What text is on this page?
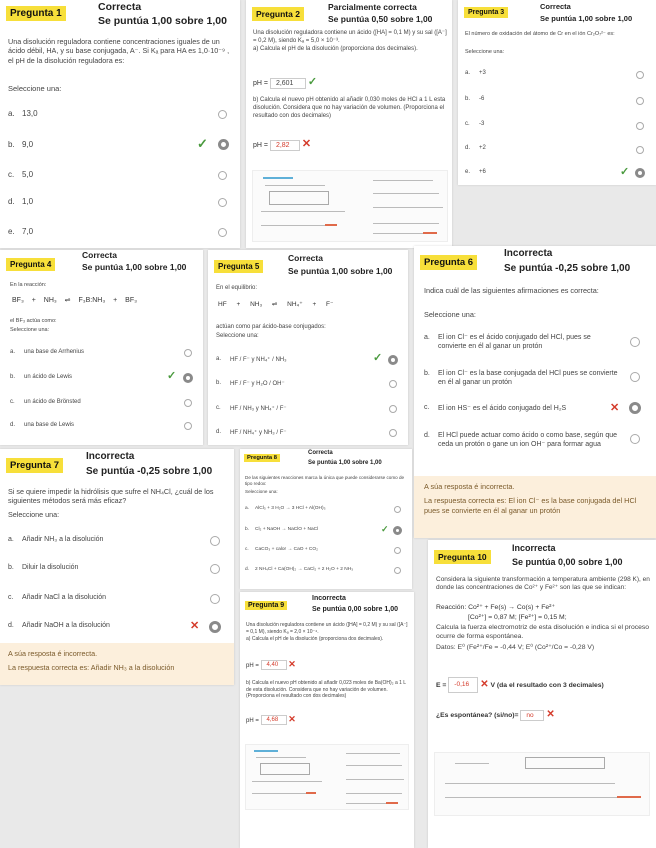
Pregunta 1
Correcta
Se puntúa 1,00 sobre 1,00
Una disolución reguladora contiene concentraciones iguales de un ácido débil, HA, y su base conjugada, A⁻. Si Kₐ para HA es 1,0·10⁻⁹ , el pH de la disolución reguladora es:
Seleccione una:
a. 13,0
b. 9,0	✓
c. 5,0
d. 1,0
e. 7,0
Pregunta 2
Parcialmente correcta
Se puntúa 0,50 sobre 1,00
Una disolución reguladora contiene un ácido ([HA] = 0,1 M) y su sal ([A⁻] = 0,2 M), siendo Kₐ = 5,0 × 10⁻³.
a) Calcula el pH de la disolución (proporciona dos decimales).
pH = 2,601 ✓
b) Calcula el nuevo pH obtenido al añadir 0,030 moles de HCl a 1 L esta disolución. Considera que no hay variación de volumen. (Proporciona el resultado con dos decimales)
pH = 2,82 ✕
Pregunta 3
Correcta
Se puntúa 1,00 sobre 1,00
El número de oxidación del átomo de Cr en el ión Cr₂O₇²⁻ es:
Seleccione una:
a.	+3
b.	-6
c.	-3
d.	+2
e.	+6	✓
Pregunta 4
Correcta
Se puntúa 1,00 sobre 1,00
En la reacción:
BF₃ + NH₃ ⇌ F₃B:NH₃ + BF₃
el BF₃ actúa como:
Seleccione una:
a.	una base de Arrhenius
b.	un ácido de Lewis	✓
c.	un ácido de Brönsted
d.	una base de Lewis
Pregunta 5
Correcta
Se puntúa 1,00 sobre 1,00
En el equilibrio:
HF + NH₃ ⇌ NH₄⁺ + F⁻
actúan como par ácido-base conjugados:
Seleccione una:
a.	HF / F⁻ y NH₄⁺ / NH₃	✓
b.	HF / F⁻ y H₂O / OH⁻
c.	HF / NH₃ y NH₄⁺ / F⁻
d.	HF / NH₄⁺ y NH₃ / F⁻
Pregunta 6
Incorrecta
Se puntúa -0,25 sobre 1,00
Indica cuál de las siguientes afirmaciones es correcta:
Seleccione una:
a.	El ion Cl⁻ es el ácido conjugado del HCl, pues se convierte en él al ganar un protón
b.	El ion Cl⁻ es la base conjugada del HCl pues se convierte en él al ganar un protón
c.	El ion HS⁻ es el ácido conjugado del H₂S	✕
d.	El HCl puede actuar como ácido o como base, según que ceda un protón o gane un ion OH⁻ para formar agua
A súa resposta é incorrecta.
La respuesta correcta es: El ion Cl⁻ es la base conjugada del HCl pues se convierte en él al ganar un protón
Pregunta 7
Incorrecta
Se puntúa -0,25 sobre 1,00
Si se quiere impedir la hidrólisis que sufre el NH₄Cl, ¿cuál de los siguientes métodos será más eficaz?
Seleccione una:
a.	Añadir NH₃ a la disolución
b.	Diluir la disolución
c.	Añadir NaCl a la disolución
d.	Añadir NaOH a la disolución	✕
A súa resposta é incorrecta.
La respuesta correcta es: Añadir NH₃ a la disolución
Pregunta 8
Correcta
Se puntúa 1,00 sobre 1,00
De las siguientes reacciones marca la única que puede considerarse como de tipo redox:
Seleccione una:
a.	AlCl₃ + 3 H₂O → 3 HCl + Al(OH)₃
b.	Cl₂ + NaOH → NaClO + NaCl	✓
c.	CaCO₃ + calor → CaO + CO₂
d.	2 NH₄Cl + Ca(OH)₂ → CaCl₂ + 2 H₂O + 2 NH₃
Pregunta 9
Incorrecta
Se puntúa 0,00 sobre 1,00
Una disolución reguladora contiene un ácido ([HA] = 0,2 M) y su sal ([A⁻] = 0,1 M), siendo Kₐ = 2,0 × 10⁻⁴.
a) Calcula el pH de la disolución (proporciona dos decimales).
pH = 4,40 ✕
b) Calcula el nuevo pH obtenido al añadir 0,023 moles de Ba(OH)₂ a 1 L de esta disolución. Considera que no hay variación de volumen. (Proporciona el resultado con dos decimales)
pH = 4,68 ✕
Pregunta 10
Incorrecta
Se puntúa 0,00 sobre 1,00
Considera la siguiente transformación a temperatura ambiente (298 K), en donde las concentraciones de Co²⁺ y Fe²⁺ son las que se indican:
Reacción: Co²⁺ + Fe(s) → Co(s) + Fe²⁺
[Co²⁺] = 0,87 M; [Fe²⁺] = 0,15 M;
Calcula la fuerza electromotriz de esta disolución e indica si el proceso ocurre de forma espontánea.
Datos: E⁰ (Fe²⁺/Fe = -0,44 V; E⁰ (Co²⁺/Co = -0,28 V)
E = -0,16 ✕ V (da el resultado con 3 decimales)
¿Es espontánea? (si/no)= no ✕
